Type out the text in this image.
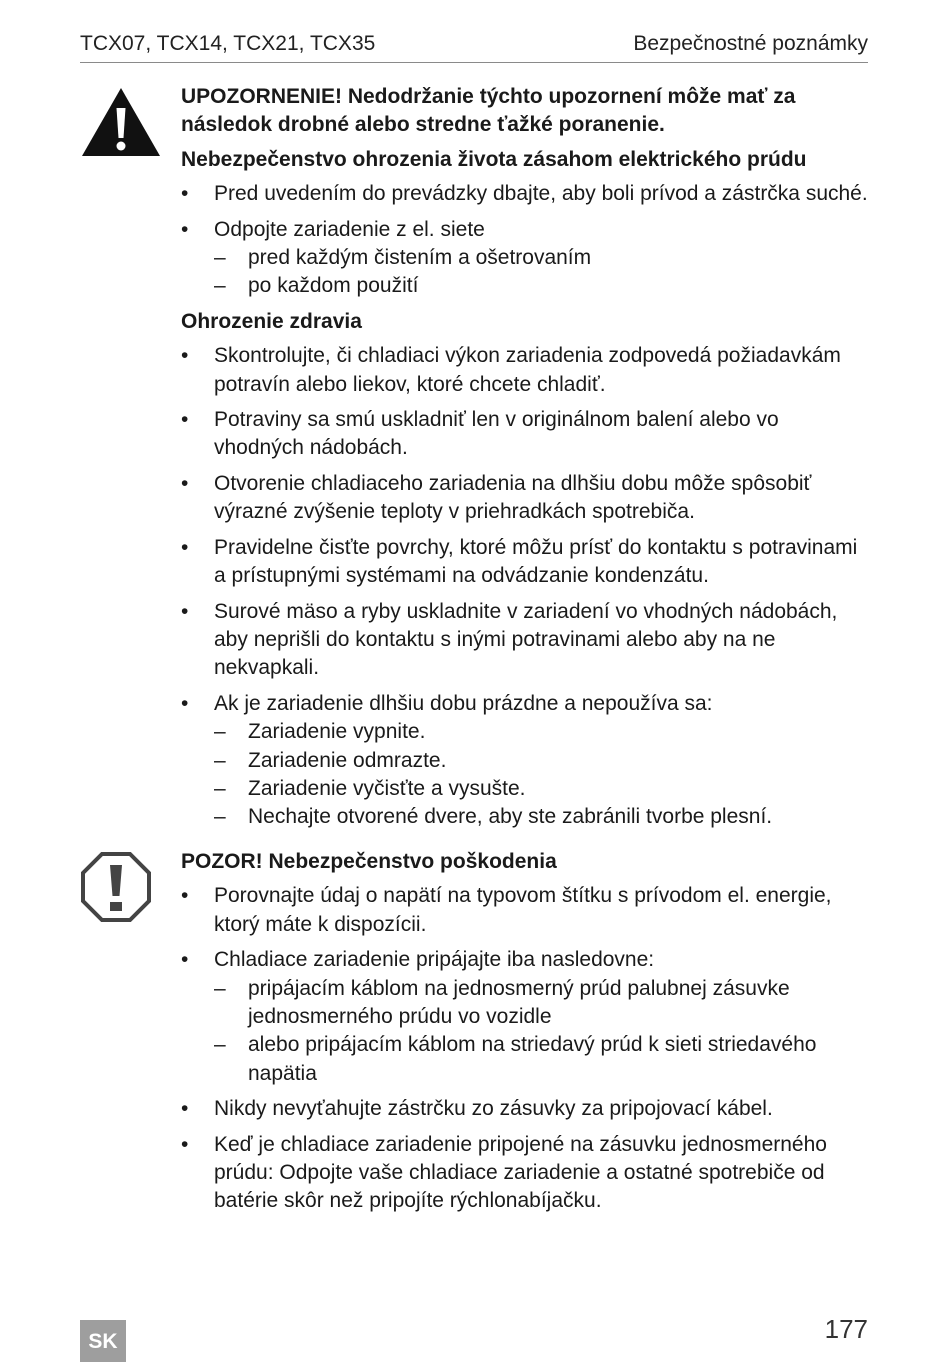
TCX07, TCX14, TCX21, TCX35	Bezpečnostné poznámky
UPOZORNENIE! Nedodržanie týchto upozornení môže mať za následok drobné alebo stredne ťažké poranenie.
Nebezpečenstvo ohrozenia života zásahom elektrického prúdu
• Pred uvedením do prevádzky dbajte, aby boli prívod a zástrčka suché.
• Odpojte zariadenie z el. siete
– pred každým čistením a ošetrovaním
– po každom použití
Ohrozenie zdravia
• Skontrolujte, či chladiaci výkon zariadenia zodpovedá požiadavkám potravín alebo liekov, ktoré chcete chladiť.
• Potraviny sa smú uskladniť len v originálnom balení alebo vo vhodných nádobách.
• Otvorenie chladiaceho zariadenia na dlhšiu dobu môže spôsobiť výrazné zvýšenie teploty v priehradkách spotrebiča.
• Pravidelne čisťte povrchy, ktoré môžu prísť do kontaktu s potravinami a prístupnými systémami na odvádzanie kondenzátu.
• Surové mäso a ryby uskladnite v zariadení vo vhodných nádobách, aby neprišli do kontaktu s inými potravinami alebo aby na ne nekvapkali.
• Ak je zariadenie dlhšiu dobu prázdne a nepoužíva sa:
– Zariadenie vypnite.
– Zariadenie odmrazte.
– Zariadenie vyčisťte a vysušte.
– Nechajte otvorené dvere, aby ste zabránili tvorbe plesní.
POZOR! Nebezpečenstvo poškodenia
• Porovnajte údaj o napätí na typovom štítku s prívodom el. energie, ktorý máte k dispozícii.
• Chladiace zariadenie pripájajte iba nasledovne:
– pripájacím káblom na jednosmerný prúd palubnej zásuvke jednosmerného prúdu vo vozidle
– alebo pripájacím káblom na striedavý prúd k sieti striedavého napätia
• Nikdy nevyťahujte zástrčku zo zásuvky za pripojovací kábel.
• Keď je chladiace zariadenie pripojené na zásuvku jednosmerného prúdu: Odpojte vaše chladiace zariadenie a ostatné spotrebiče od batérie skôr než pripojíte rýchlonabíjačku.
SK	177
